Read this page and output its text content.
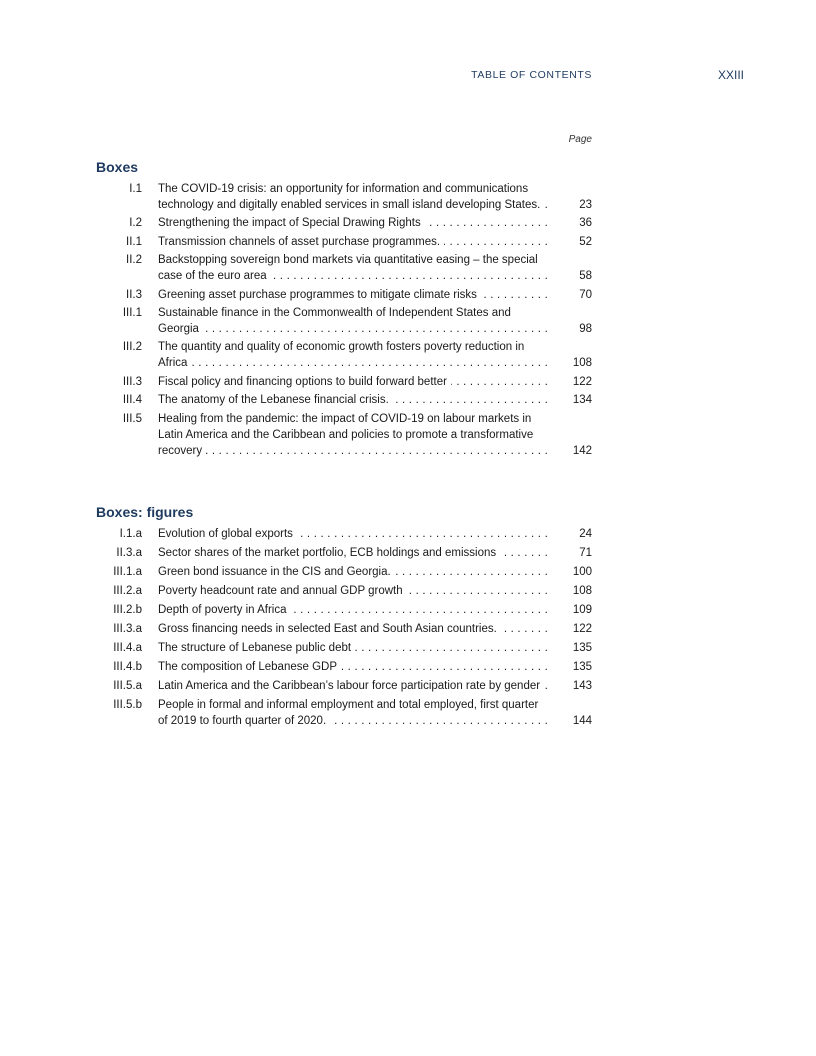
TABLE OF CONTENTS	XXIII
Page
Boxes
I.1	The COVID-19 crisis: an opportunity for information and communications technology and digitally enabled services in small island developing States. . . .	23
I.2	Strengthening the impact of Special Drawing Rights . . .	36
II.1	Transmission channels of asset purchase programmes. . . .	52
II.2	Backstopping sovereign bond markets via quantitative easing – the special case of the euro area . . .	58
II.3	Greening asset purchase programmes to mitigate climate risks . . .	70
III.1	Sustainable finance in the Commonwealth of Independent States and Georgia . . .	98
III.2	The quantity and quality of economic growth fosters poverty reduction in Africa . . .	108
III.3	Fiscal policy and financing options to build forward better . . .	122
III.4	The anatomy of the Lebanese financial crisis. . . .	134
III.5	Healing from the pandemic: the impact of COVID-19 on labour markets in Latin America and the Caribbean and policies to promote a transformative recovery . . .	142
Boxes: figures
I.1.a	Evolution of global exports . . .	24
II.3.a	Sector shares of the market portfolio, ECB holdings and emissions . . .	71
III.1.a	Green bond issuance in the CIS and Georgia. . . .	100
III.2.a	Poverty headcount rate and annual GDP growth . . .	108
III.2.b	Depth of poverty in Africa . . .	109
III.3.a	Gross financing needs in selected East and South Asian countries. . . .	122
III.4.a	The structure of Lebanese public debt . . .	135
III.4.b	The composition of Lebanese GDP . . .	135
III.5.a	Latin America and the Caribbean’s labour force participation rate by gender . . .	143
III.5.b	People in formal and informal employment and total employed, first quarter of 2019 to fourth quarter of 2020. . . .	144
